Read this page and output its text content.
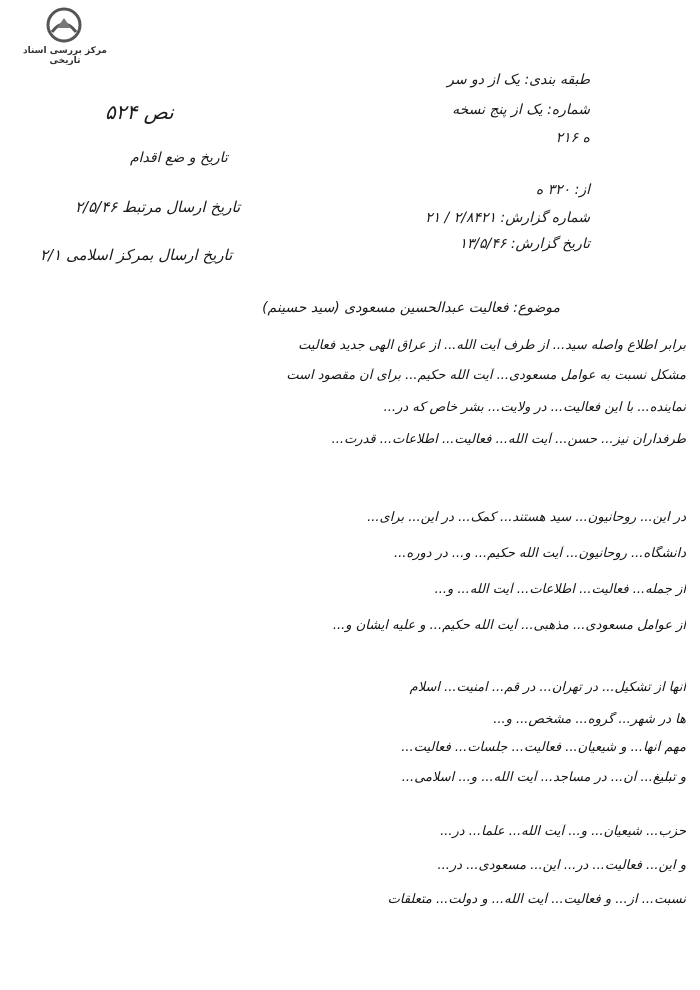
مرکز بررسی اسناد تاریخی
طبقه بندی: یک از دو سر
شماره: یک از پنج نسخه
ه ۲۱۶
از: ۳۲۰ ه
شماره گزارش: ۲/۸۴۲۱ / ۲۱
تاریخ گزارش: ۱۳/۵/۴۶
نص ۵۲۴
تاریخ و ضع اقدام
تاریخ ارسال مرتبط ۲/۵/۴۶
تاریخ ارسال بمرکز اسلامی ۲/۱
موضوع: فعالیت عبدالحسین مسعودی (سید حسینم)
برابر اطلاع واصله سید... از طرف آیت الله... از عراق الهی جدید فعالیت
مشکل نسبت به عوامل مسعودی... آیت الله حکیم... برای آن مقصود است
نماینده... با این فعالیت... در ولایت... بشر خاص که در...
طرفداران نیز... حسن... آیت الله... فعالیت... اطلاعات... قدرت...
در این... روحانیون... سید هستند... کمک... در این... برای...
دانشگاه... روحانیون... آیت الله حکیم... و... در دوره...
از جمله... فعالیت... اطلاعات... آیت الله... و...
از عوامل مسعودی... مذهبی... آیت الله حکیم... و علیه ایشان و...
آنها از تشکیل... در تهران... در قم... امنیت... اسلام
ها در شهر... گروه... مشخص... و...
مهم آنها... و شیعیان... فعالیت... جلسات... فعالیت...
و تبلیغ... آن... در مساجد... آیت الله... و... اسلامی...
حزب... شیعیان... و... آیت الله... علما... در...
و این... فعالیت... در... این... مسعودی... در...
نسبت... از... و فعالیت... آیت الله... و دولت... متعلقات
